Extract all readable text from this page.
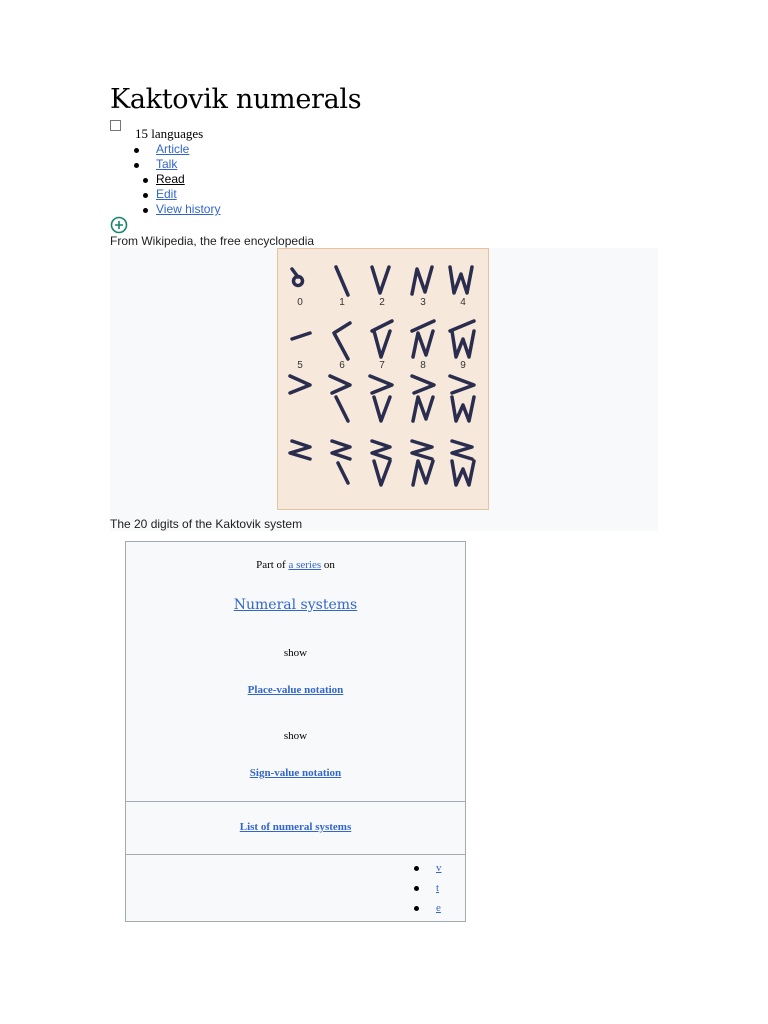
Kaktovik numerals
15 languages
Article
Talk
Read
Edit
View history
From Wikipedia, the free encyclopedia
0	1	2	3	4
5	6	7	8	9
The 20 digits of the Kaktovik system
Part of a series on
Numeral systems
show
Place-value notation
show
Sign-value notation
List of numeral systems
v
t
e
